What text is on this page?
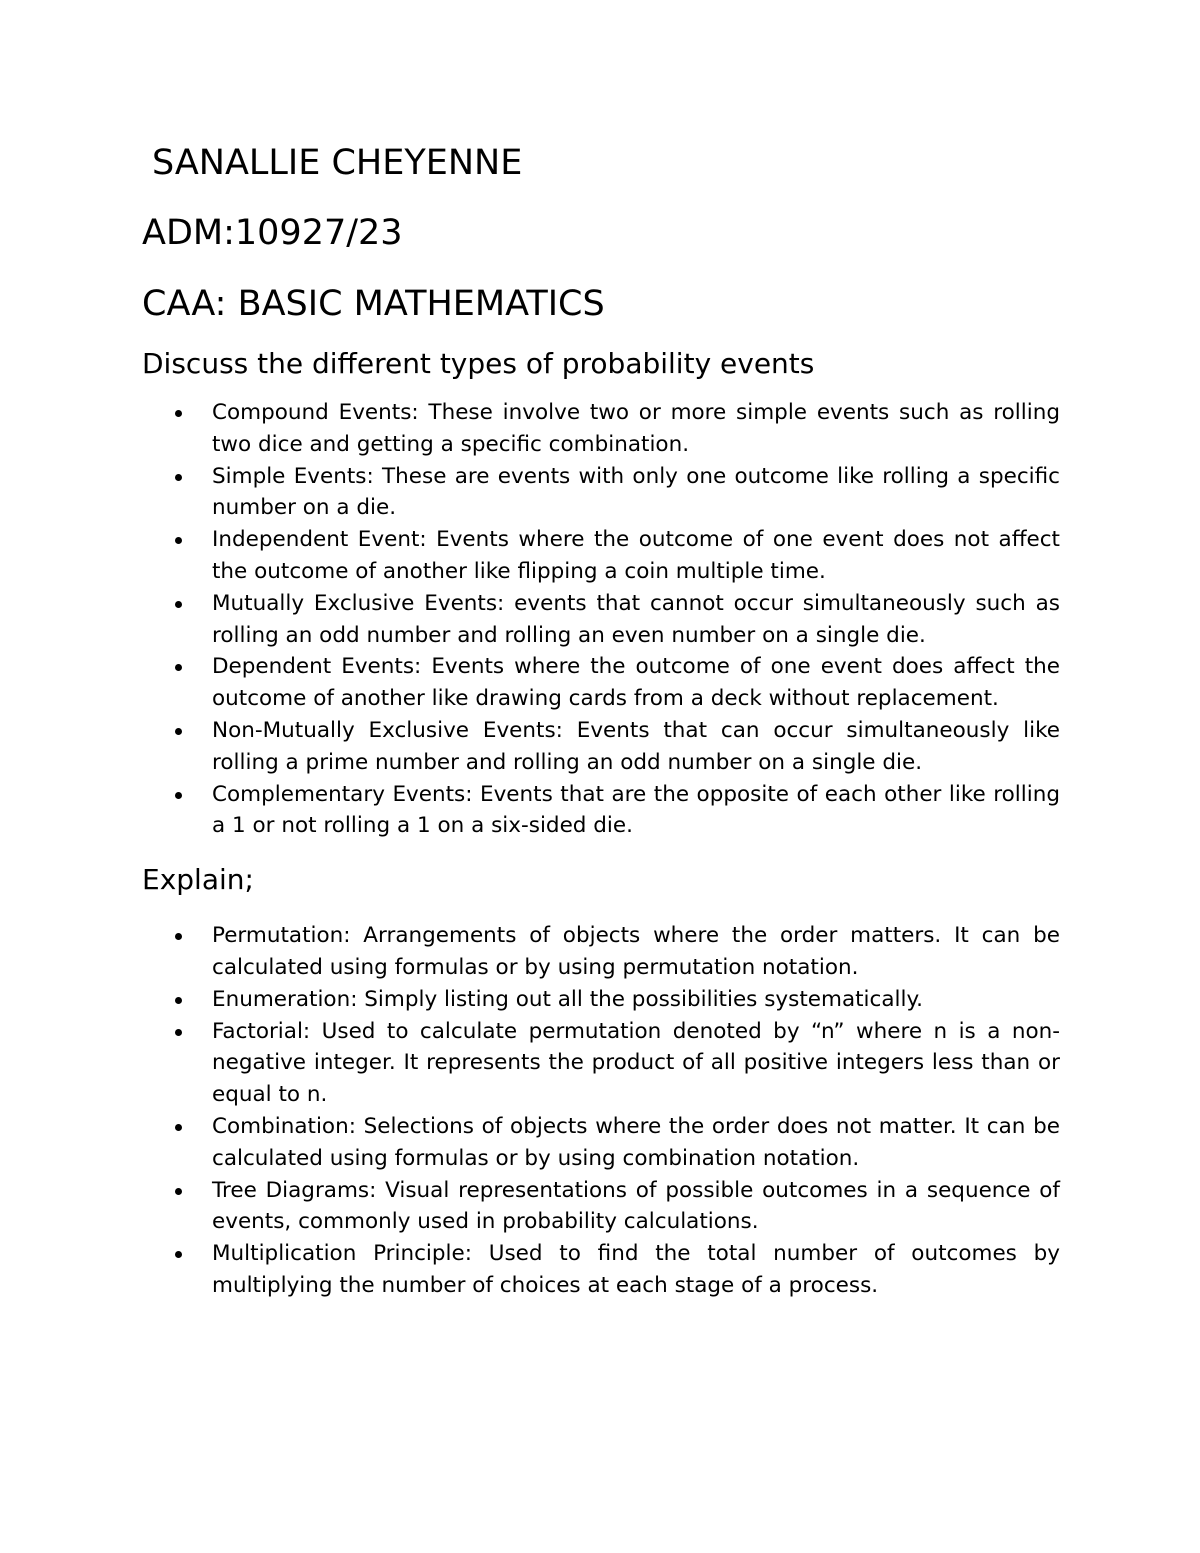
SANALLIE CHEYENNE
ADM:10927/23
CAA: BASIC MATHEMATICS
Discuss the different types of probability events
Compound Events: These involve two or more simple events such as rolling two dice and getting a specific combination.
Simple Events: These are events with only one outcome like rolling a specific number on a die.
Independent Event: Events where the outcome of one event does not affect the outcome of another like flipping a coin multiple time.
Mutually Exclusive Events: events that cannot occur simultaneously such as rolling an odd number and rolling an even number on a single die.
Dependent Events: Events where the outcome of one event does affect the outcome of another like drawing cards from a deck without replacement.
Non-Mutually Exclusive Events: Events that can occur simultaneously like rolling a prime number and rolling an odd number on a single die.
Complementary Events: Events that are the opposite of each other like rolling a 1 or not rolling a 1 on a six-sided die.
Explain;
Permutation: Arrangements of objects where the order matters. It can be calculated using formulas or by using permutation notation.
Enumeration: Simply listing out all the possibilities systematically.
Factorial: Used to calculate permutation denoted by “n” where n is a non- negative integer. It represents the product of all positive integers less than or equal to n.
Combination: Selections of objects where the order does not matter. It can be calculated using formulas or by using combination notation.
Tree Diagrams: Visual representations of possible outcomes in a sequence of events, commonly used in probability calculations.
Multiplication Principle: Used to find the total number of outcomes by multiplying the number of choices at each stage of a process.
